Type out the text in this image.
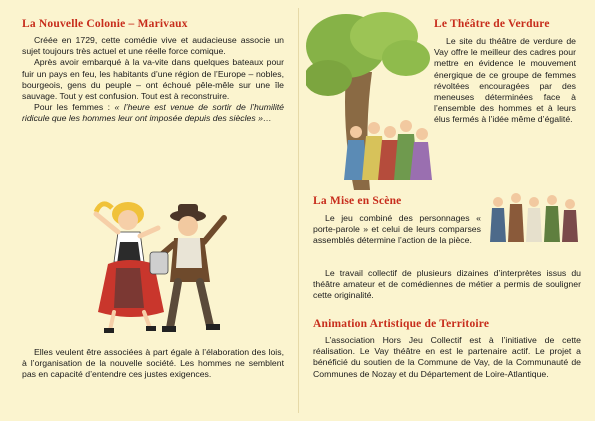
La Nouvelle Colonie – Marivaux
Créée en 1729, cette comédie vive et audacieuse associe un sujet toujours très actuel et une réelle force comique.
Après avoir embarqué à la va-vite dans quelques bateaux pour fuir un pays en feu, les habitants d’une région de l’Europe – nobles, bourgeois, gens du peuple – ont échoué pêle-mêle sur une île sauvage. Tout y est confusion. Tout est à reconstruire.
Pour les femmes : « l’heure est venue de sortir de l’humilité ridicule que les hommes leur ont imposée depuis des siècles »…
Elles veulent être associées à part égale à l’élaboration des lois, à l’organisation de la nouvelle société. Les hommes ne semblent pas en capacité d’entendre ces justes exigences.
Le Théâtre de Verdure
Le site du théâtre de verdure de Vay offre le meilleur des cadres pour mettre en évidence le mouvement énergique de ce groupe de femmes révoltées encouragées par des meneuses déterminées face à l’ensemble des hommes et à leurs élus fermés à l’idée même d’égalité.
La Mise en Scène
Le jeu combiné des personnages « porte-parole » et celui de leurs comparses assemblés détermine l’action de la pièce.
Le travail collectif de plusieurs dizaines d’interprètes issus du théâtre amateur et de comédiennes de métier a permis de souligner cette originalité.
Animation Artistique de Territoire
L’association Hors Jeu Collectif est à l’initiative de cette réalisation. Le Vay théâtre en est le partenaire actif. Le projet a bénéficié du soutien de la Commune de Vay, de la Communauté de Communes de Nozay et du Département de Loire-Atlantique.
